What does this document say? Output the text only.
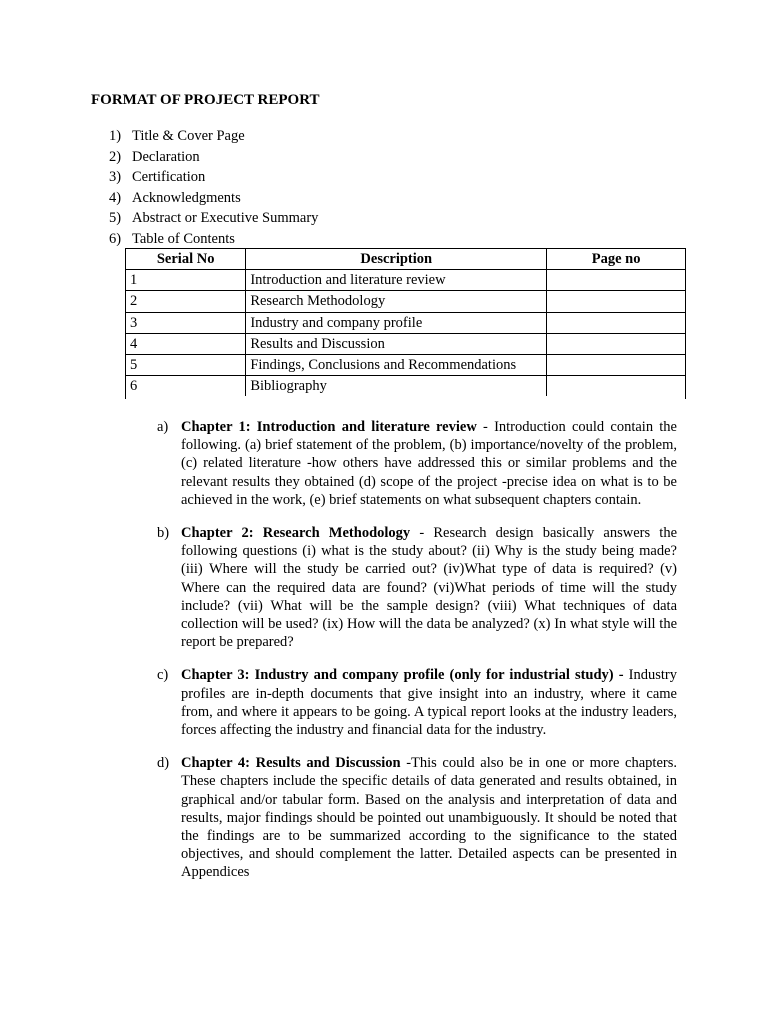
FORMAT OF PROJECT REPORT
1) Title & Cover Page
2) Declaration
3) Certification
4) Acknowledgments
5) Abstract or Executive Summary
6) Table of Contents
Serial No	Description	Page no
1	Introduction and literature review	
2	Research Methodology	
3	Industry and company profile	
4	Results and Discussion	
5	Findings, Conclusions and Recommendations	
6	Bibliography	
a) Chapter 1: Introduction and literature review - Introduction could contain the following. (a) brief statement of the problem, (b) importance/novelty of the problem, (c) related literature -how others have addressed this or similar problems and the relevant results they obtained (d) scope of the project -precise idea on what is to be achieved in the work, (e) brief statements on what subsequent chapters contain.
b) Chapter 2: Research Methodology - Research design basically answers the following questions (i) what is the study about? (ii) Why is the study being made? (iii) Where will the study be carried out? (iv)What type of data is required? (v) Where can the required data are found? (vi)What periods of time will the study include? (vii) What will be the sample design? (viii) What techniques of data collection will be used? (ix) How will the data be analyzed? (x) In what style will the report be prepared?
c) Chapter 3: Industry and company profile (only for industrial study) - Industry profiles are in-depth documents that give insight into an industry, where it came from, and where it appears to be going. A typical report looks at the industry leaders, forces affecting the industry and financial data for the industry.
d) Chapter 4: Results and Discussion -This could also be in one or more chapters. These chapters include the specific details of data generated and results obtained, in graphical and/or tabular form. Based on the analysis and interpretation of data and results, major findings should be pointed out unambiguously. It should be noted that the findings are to be summarized according to the significance to the stated objectives, and should complement the latter. Detailed aspects can be presented in Appendices
